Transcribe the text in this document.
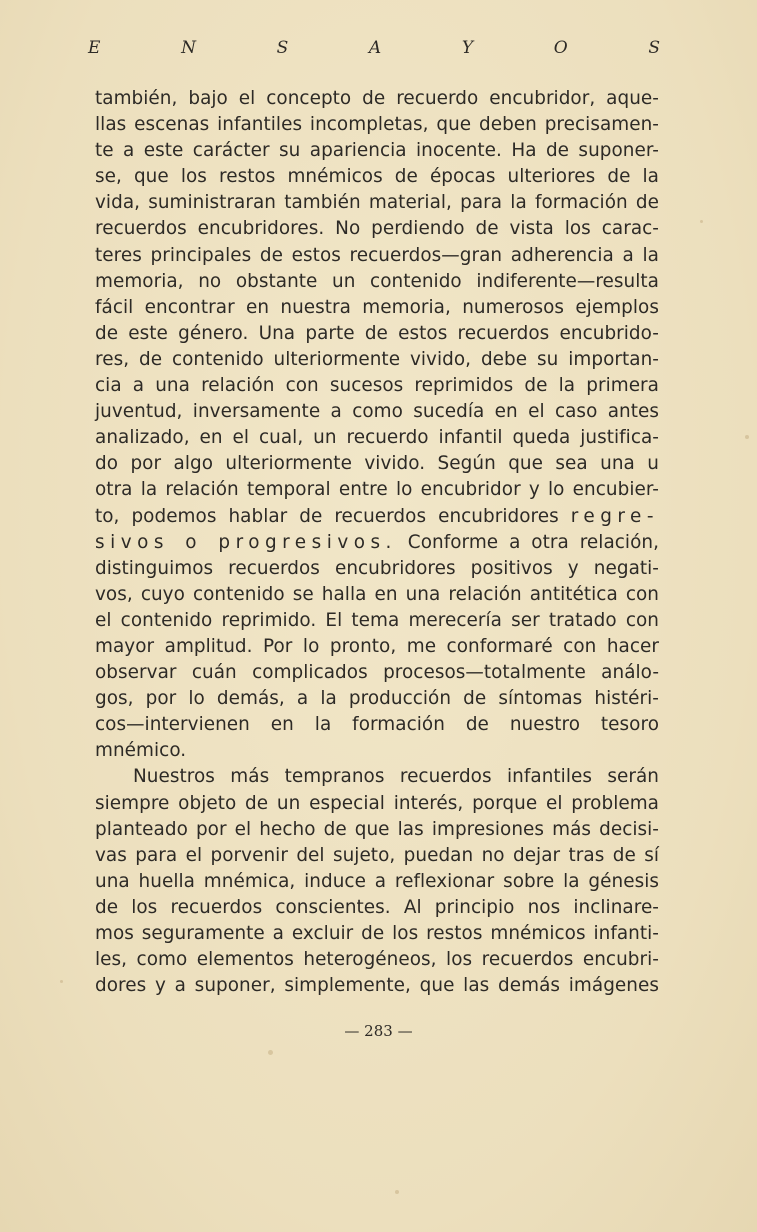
E	N	S	A	Y	O	S
también, bajo el concepto de recuerdo encubridor, aque-
llas escenas infantiles incompletas, que deben precisamen-
te a este carácter su apariencia inocente. Ha de suponer-
se, que los restos mnémicos de épocas ulteriores de la
vida, suministraran también material, para la formación de
recuerdos encubridores. No perdiendo de vista los carac-
teres principales de estos recuerdos—gran adherencia a la
memoria, no obstante un contenido indiferente—resulta
fácil encontrar en nuestra memoria, numerosos ejemplos
de este género. Una parte de estos recuerdos encubrido-
res, de contenido ulteriormente vivido, debe su importan-
cia a una relación con sucesos reprimidos de la primera
juventud, inversamente a como sucedía en el caso antes
analizado, en el cual, un recuerdo infantil queda justifica-
do por algo ulteriormente vivido. Según que sea una u
otra la relación temporal entre lo encubridor y lo encubier-
to, podemos hablar de recuerdos encubridores regre-
sivos o progresivos. Conforme a otra relación,
distinguimos recuerdos encubridores positivos y negati-
vos, cuyo contenido se halla en una relación antitética con
el contenido reprimido. El tema merecería ser tratado con
mayor amplitud. Por lo pronto, me conformaré con hacer
observar cuán complicados procesos—totalmente análo-
gos, por lo demás, a la producción de síntomas histéri-
cos—intervienen en la formación de nuestro tesoro
mnémico.
Nuestros más tempranos recuerdos infantiles serán
siempre objeto de un especial interés, porque el problema
planteado por el hecho de que las impresiones más decisi-
vas para el porvenir del sujeto, puedan no dejar tras de sí
una huella mnémica, induce a reflexionar sobre la génesis
de los recuerdos conscientes. Al principio nos inclinare-
mos seguramente a excluir de los restos mnémicos infanti-
les, como elementos heterogéneos, los recuerdos encubri-
dores y a suponer, simplemente, que las demás imágenes
— 283 —
